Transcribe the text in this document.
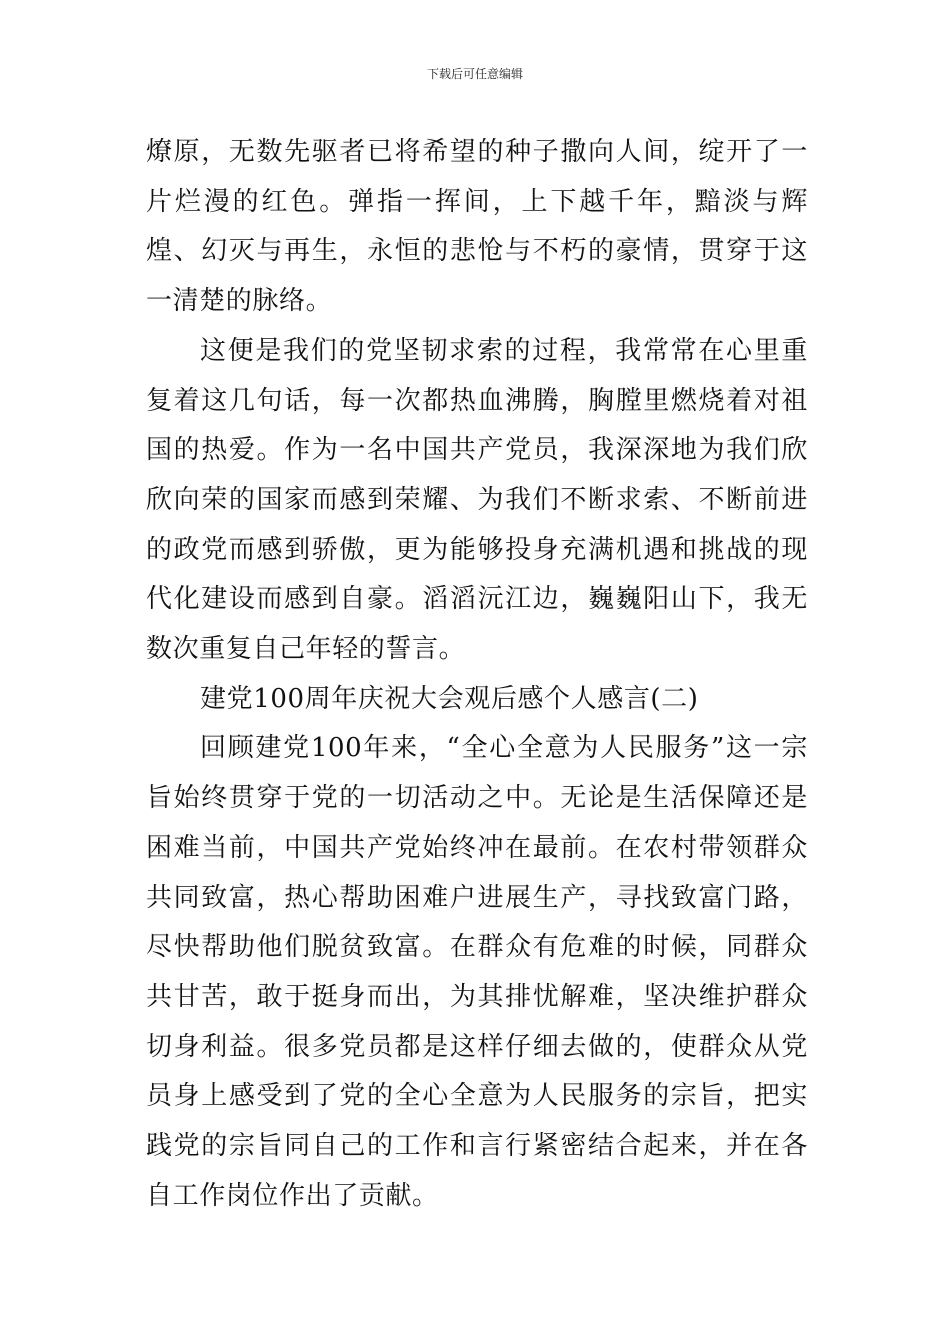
下载后可任意编辑

燎原，无数先驱者已将希望的种子撒向人间，绽开了一片烂漫的红色。弹指一挥间，上下越千年，黯淡与辉煌、幻灭与再生，永恒的悲怆与不朽的豪情，贯穿于这一清楚的脉络。

这便是我们的党坚韧求索的过程，我常常在心里重复着这几句话，每一次都热血沸腾，胸膛里燃烧着对祖国的热爱。作为一名中国共产党员，我深深地为我们欣欣向荣的国家而感到荣耀、为我们不断求索、不断前进的政党而感到骄傲，更为能够投身充满机遇和挑战的现代化建设而感到自豪。滔滔沅江边，巍巍阳山下，我无数次重复自己年轻的誓言。

建党100周年庆祝大会观后感个人感言(二)

回顾建党100年来，“全心全意为人民服务”这一宗旨始终贯穿于党的一切活动之中。无论是生活保障还是困难当前，中国共产党始终冲在最前。在农村带领群众共同致富，热心帮助困难户进展生产，寻找致富门路，尽快帮助他们脱贫致富。在群众有危难的时候，同群众共甘苦，敢于挺身而出，为其排忧解难，坚决维护群众切身利益。很多党员都是这样仔细去做的，使群众从党员身上感受到了党的全心全意为人民服务的宗旨，把实践党的宗旨同自己的工作和言行紧密结合起来，并在各自工作岗位作出了贡献。
